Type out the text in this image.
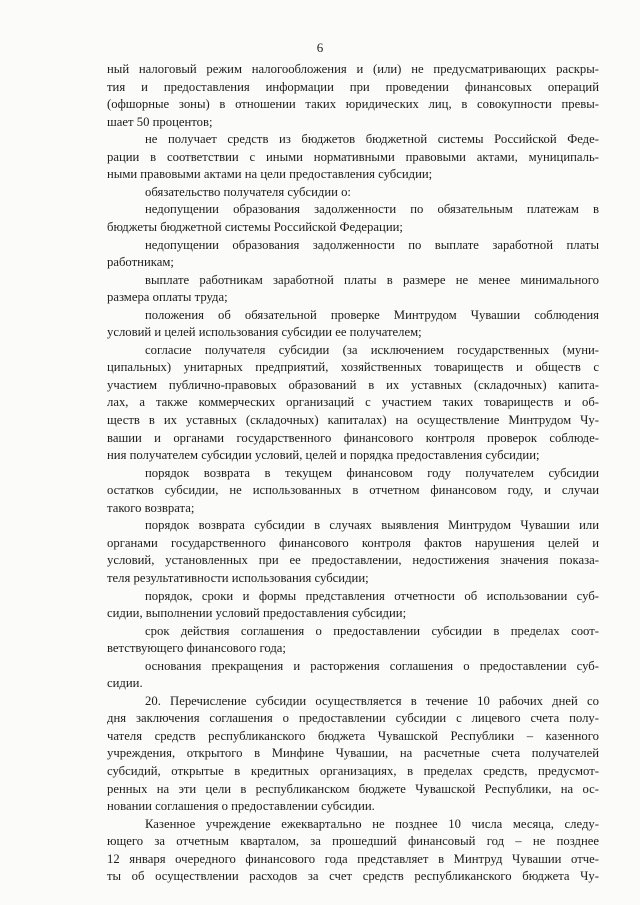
6
ный налоговый режим налогообложения и (или) не предусматривающих раскры-
тия и предоставления информации при проведении финансовых операций
(офшорные зоны) в отношении таких юридических лиц, в совокупности превы-
шает 50 процентов;
не получает средств из бюджетов бюджетной системы Российской Феде-
рации в соответствии с иными нормативными правовыми актами, муниципаль-
ными правовыми актами на цели предоставления субсидии;
обязательство получателя субсидии о:
недопущении образования задолженности по обязательным платежам в
бюджеты бюджетной системы Российской Федерации;
недопущении образования задолженности по выплате заработной платы
работникам;
выплате работникам заработной платы в размере не менее минимального
размера оплаты труда;
положения об обязательной проверке Минтрудом Чувашии соблюдения
условий и целей использования субсидии ее получателем;
согласие получателя субсидии (за исключением государственных (муни-
ципальных) унитарных предприятий, хозяйственных товариществ и обществ с
участием публично-правовых образований в их уставных (складочных) капита-
лах, а также коммерческих организаций с участием таких товариществ и об-
ществ в их уставных (складочных) капиталах) на осуществление Минтрудом Чу-
вашии и органами государственного финансового контроля проверок соблюде-
ния получателем субсидии условий, целей и порядка предоставления субсидии;
порядок возврата в текущем финансовом году получателем субсидии
остатков субсидии, не использованных в отчетном финансовом году, и случаи
такого возврата;
порядок возврата субсидии в случаях выявления Минтрудом Чувашии или
органами государственного финансового контроля фактов нарушения целей и
условий, установленных при ее предоставлении, недостижения значения показа-
теля результативности использования субсидии;
порядок, сроки и формы представления отчетности об использовании суб-
сидии, выполнении условий предоставления субсидии;
срок действия соглашения о предоставлении субсидии в пределах соот-
ветствующего финансового года;
основания прекращения и расторжения соглашения о предоставлении суб-
сидии.
20. Перечисление субсидии осуществляется в течение 10 рабочих дней со
дня заключения соглашения о предоставлении субсидии с лицевого счета полу-
чателя средств республиканского бюджета Чувашской Республики – казенного
учреждения, открытого в Минфине Чувашии, на расчетные счета получателей
субсидий, открытые в кредитных организациях, в пределах средств, предусмот-
ренных на эти цели в республиканском бюджете Чувашской Республики, на ос-
новании соглашения о предоставлении субсидии.
Казенное учреждение ежеквартально не позднее 10 числа месяца, следу-
ющего за отчетным кварталом, за прошедший финансовый год – не позднее
12 января очередного финансового года представляет в Минтруд Чувашии отче-
ты об осуществлении расходов за счет средств республиканского бюджета Чу-
